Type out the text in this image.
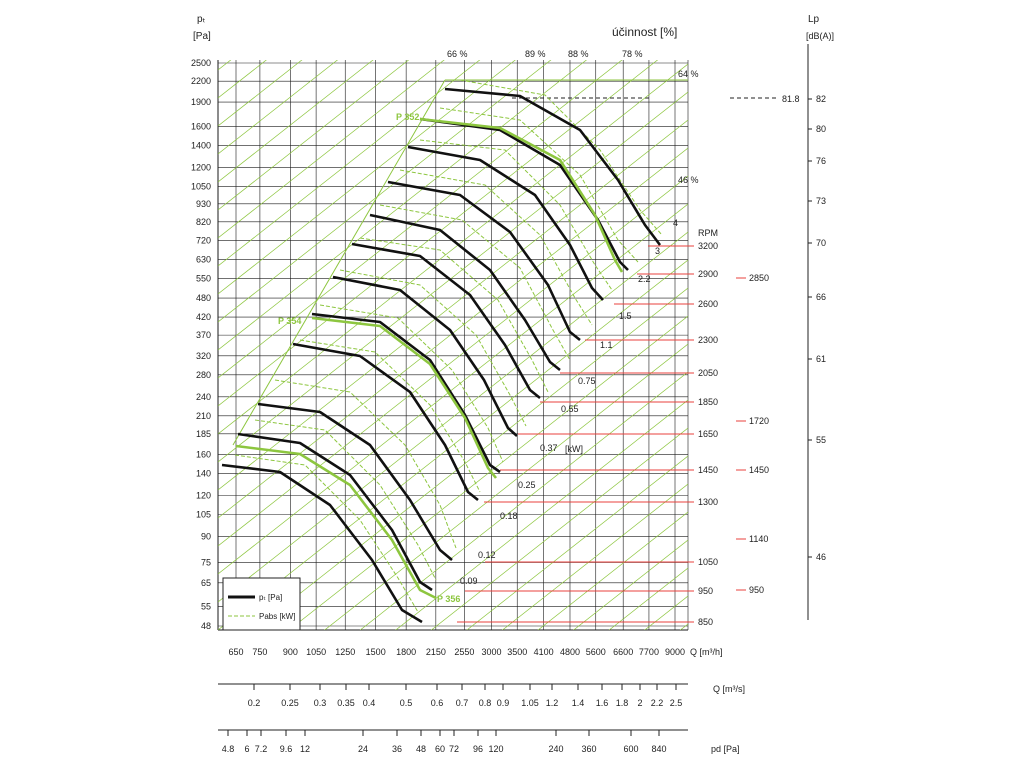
48
55
65
75
90
105
120
140
160
185
210
240
280
320
370
420
480
550
630
720
820
930
1050
1200
1400
1600
1900
2200
2500
650 750 900 1050 1250 1500 1800 2150 2550 3000 3500 4100 4800 5600 6600 7700 9000
3200
2900
2600
2300
2050
1850
1650
1450
1300
1050
950
850
4
3
2.2
1.5
1.1
0.75
0.55
0.37
0.25
0.18
0.12
0.09
66 %	89 % 88 %	78 %
64 %
46 %
82
80
76
73
70
66
61
55
46
2850
1720
1450
1140
950
0.2 0.25 0.3 0.35 0.4	0.5 0.6 0.7 0.8 0.9 1.05 1.2 1.4 1.6 1.8 2 2.2 2.5
4.8 6 7.2 9.6 12	24	36 48 60 72 96 120	240 360	600 840
P 352
P 354
P 356
pₜ
[Pa]	účinnost [%]
Q [m³/h]
Q [m³/s]
pd [Pa]
RPM
Lp
[dB(A)]
81.8
[kW]
pₜ [Pa]
Pabs [kW]
